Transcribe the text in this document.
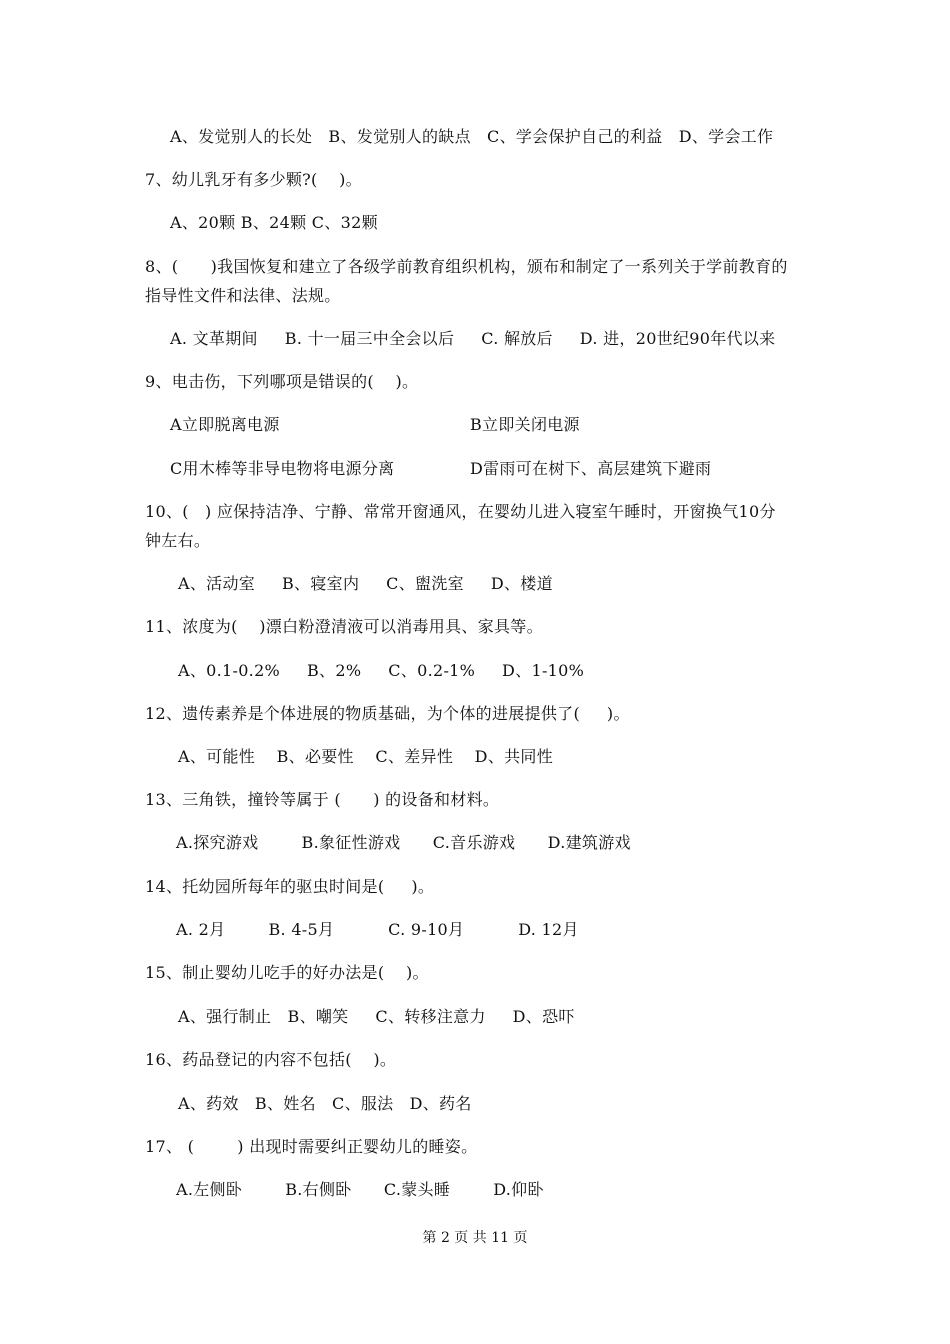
A、发觉别人的长处   B、发觉别人的缺点   C、学会保护自己的利益   D、学会工作
7、幼儿乳牙有多少颗?(    )。
A、20颗 B、24颗 C、32颗
8、(      )我国恢复和建立了各级学前教育组织机构，颁布和制定了一系列关于学前教育的
指导性文件和法律、法规。
A. 文革期间     B. 十一届三中全会以后     C. 解放后     D. 进，20世纪90年代以来
9、电击伤，下列哪项是错误的(    )。
A立即脱离电源	B立即关闭电源
C用木棒等非导电物将电源分离	D雷雨可在树下、高层建筑下避雨
10、(   ) 应保持洁净、宁静、常常开窗通风，在婴幼儿进入寝室午睡时，开窗换气10分
钟左右。
A、活动室     B、寝室内     C、盥洗室     D、楼道
11、浓度为(    )漂白粉澄清液可以消毒用具、家具等。
A、0.1-0.2%     B、2%     C、0.2-1%     D、1-10%
12、遗传素养是个体进展的物质基础，为个体的进展提供了(     )。
A、可能性    B、必要性    C、差异性    D、共同性
13、三角铁，撞铃等属于 (      ) 的设备和材料。
A.探究游戏        B.象征性游戏      C.音乐游戏      D.建筑游戏
14、托幼园所每年的驱虫时间是(     )。
A. 2月        B. 4-5月          C. 9-10月          D. 12月
15、制止婴幼儿吃手的好办法是(    )。
A、强行制止   B、嘲笑     C、转移注意力     D、恐吓
16、药品登记的内容不包括(    )。
A、药效   B、姓名   C、服法   D、药名
17、 (        ) 出现时需要纠正婴幼儿的睡姿。
A.左侧卧        B.右侧卧      C.蒙头睡        D.仰卧
第 2 页 共 11 页
